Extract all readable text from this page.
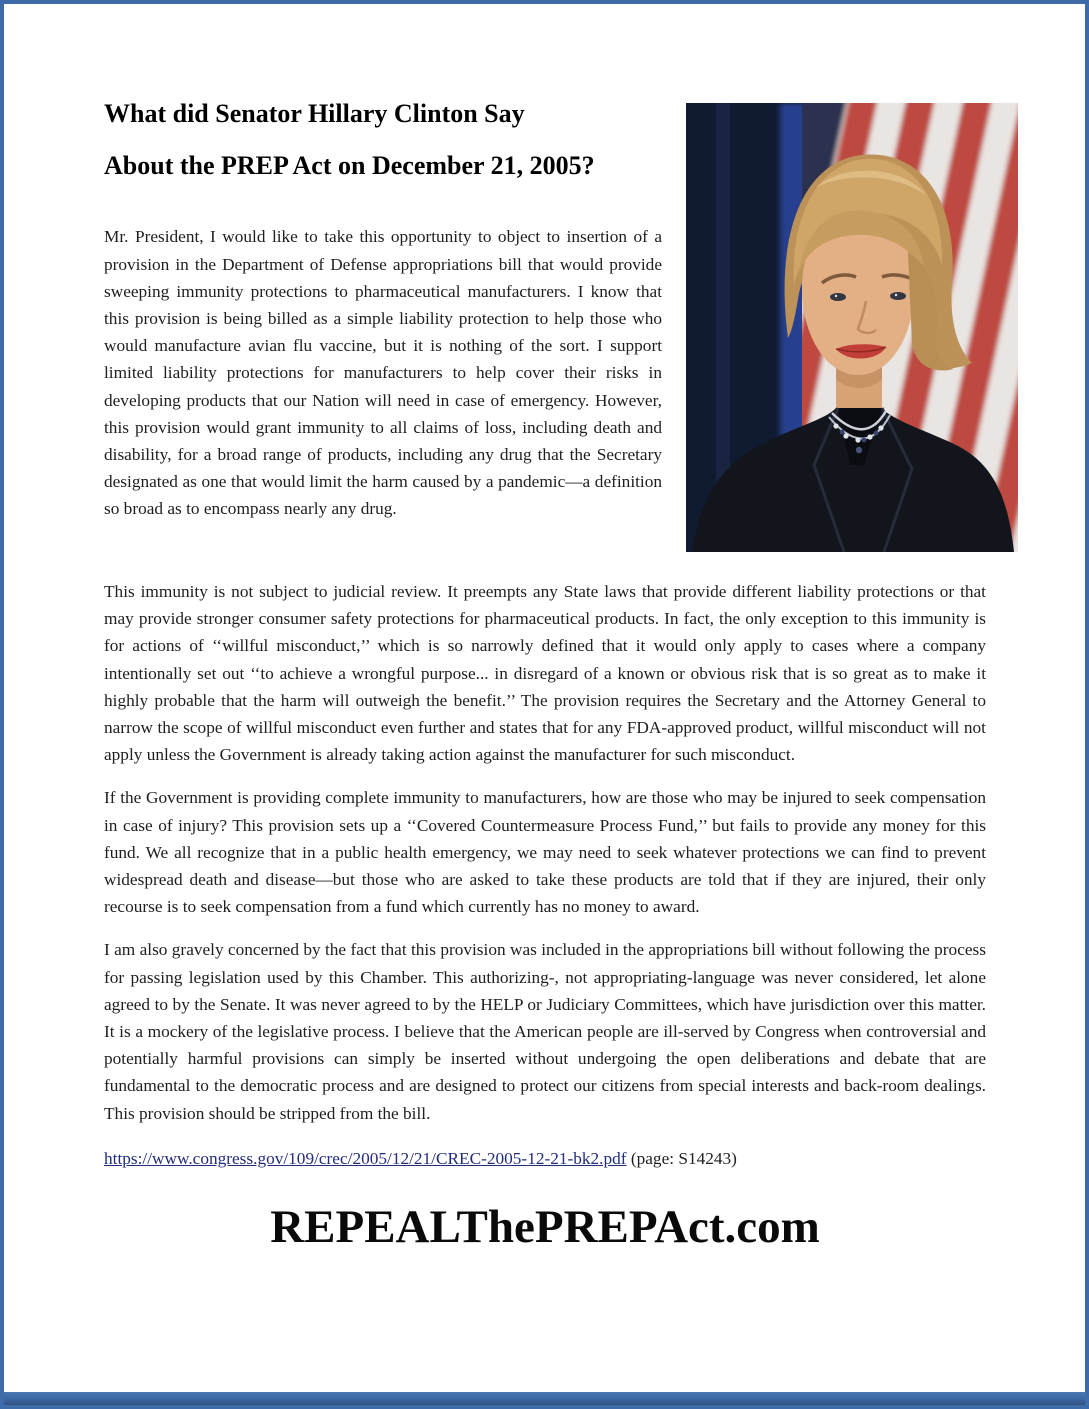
What did Senator Hillary Clinton Say
About the PREP Act on December 21, 2005?

Mr. President, I would like to take this opportunity to object to insertion of a provision in the Department of Defense appropriations bill that would provide sweeping immunity protections to pharmaceutical manufacturers. I know that this provision is being billed as a simple liability protection to help those who would manufacture avian flu vaccine, but it is nothing of the sort. I support limited liability protections for manufacturers to help cover their risks in developing products that our Nation will need in case of emergency. However, this provision would grant immunity to all claims of loss, including death and disability, for a broad range of products, including any drug that the Secretary designated as one that would limit the harm caused by a pandemic—a definition so broad as to encompass nearly any drug.

This immunity is not subject to judicial review. It preempts any State laws that provide different liability protections or that may provide stronger consumer safety protections for pharmaceutical products. In fact, the only exception to this immunity is for actions of ‘‘willful misconduct,’’ which is so narrowly defined that it would only apply to cases where a company intentionally set out ‘‘to achieve a wrongful purpose... in disregard of a known or obvious risk that is so great as to make it highly probable that the harm will outweigh the benefit.’’ The provision requires the Secretary and the Attorney General to narrow the scope of willful misconduct even further and states that for any FDA-approved product, willful misconduct will not apply unless the Government is already taking action against the manufacturer for such misconduct.

If the Government is providing complete immunity to manufacturers, how are those who may be injured to seek compensation in case of injury? This provision sets up a ‘‘Covered Countermeasure Process Fund,’’ but fails to provide any money for this fund. We all recognize that in a public health emergency, we may need to seek whatever protections we can find to prevent widespread death and disease—but those who are asked to take these products are told that if they are injured, their only recourse is to seek compensation from a fund which currently has no money to award.

I am also gravely concerned by the fact that this provision was included in the appropriations bill without following the process for passing legislation used by this Chamber. This authorizing-, not appropriating-language was never considered, let alone agreed to by the Senate. It was never agreed to by the HELP or Judiciary Committees, which have jurisdiction over this matter. It is a mockery of the legislative process. I believe that the American people are ill-served by Congress when controversial and potentially harmful provisions can simply be inserted without undergoing the open deliberations and debate that are fundamental to the democratic process and are designed to protect our citizens from special interests and back-room dealings. This provision should be stripped from the bill.

https://www.congress.gov/109/crec/2005/12/21/CREC-2005-12-21-bk2.pdf (page: S14243)

REPEALThePREPAct.com
